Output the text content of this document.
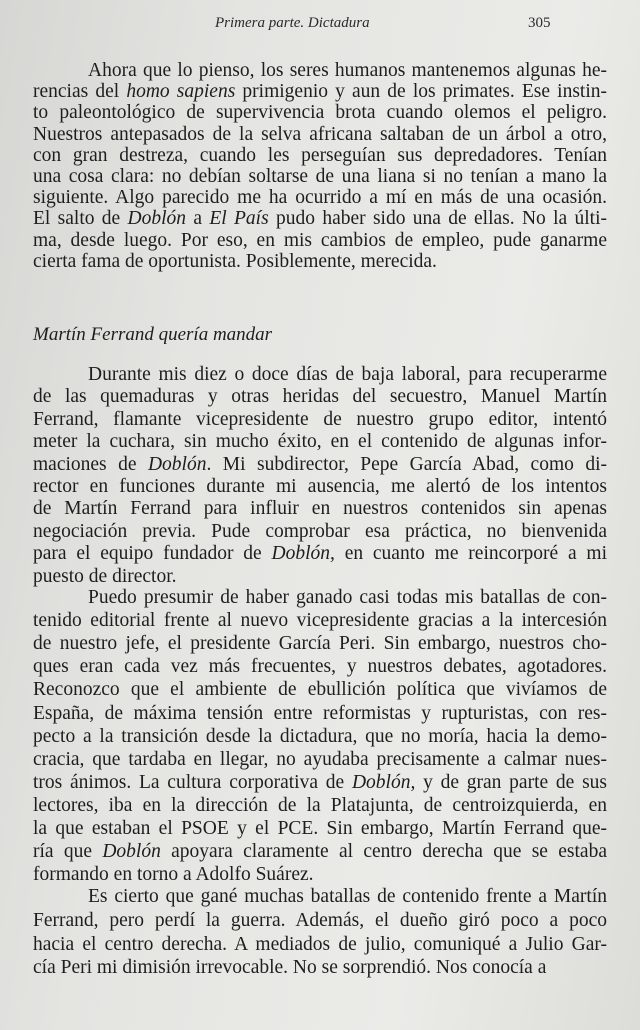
Primera parte. Dictadura	305
Ahora que lo pienso, los seres humanos mantenemos algunas he-
rencias del homo sapiens primigenio y aun de los primates. Ese instin-
to paleontológico de supervivencia brota cuando olemos el peligro.
Nuestros antepasados de la selva africana saltaban de un árbol a otro,
con gran destreza, cuando les perseguían sus depredadores. Tenían
una cosa clara: no debían soltarse de una liana si no tenían a mano la
siguiente. Algo parecido me ha ocurrido a mí en más de una ocasión.
El salto de Doblón a El País pudo haber sido una de ellas. No la últi-
ma, desde luego. Por eso, en mis cambios de empleo, pude ganarme
cierta fama de oportunista. Posiblemente, merecida.
Durante mis diez o doce días de baja laboral, para recuperarme
de las quemaduras y otras heridas del secuestro, Manuel Martín
Ferrand, flamante vicepresidente de nuestro grupo editor, intentó
meter la cuchara, sin mucho éxito, en el contenido de algunas infor-
maciones de Doblón. Mi subdirector, Pepe García Abad, como di-
rector en funciones durante mi ausencia, me alertó de los intentos
de Martín Ferrand para influir en nuestros contenidos sin apenas
negociación previa. Pude comprobar esa práctica, no bienvenida
para el equipo fundador de Doblón, en cuanto me reincorporé a mi
puesto de director.
Puedo presumir de haber ganado casi todas mis batallas de con-
tenido editorial frente al nuevo vicepresidente gracias a la intercesión
de nuestro jefe, el presidente García Peri. Sin embargo, nuestros cho-
ques eran cada vez más frecuentes, y nuestros debates, agotadores.
Reconozco que el ambiente de ebullición política que vivíamos de
España, de máxima tensión entre reformistas y rupturistas, con res-
pecto a la transición desde la dictadura, que no moría, hacia la demo-
cracia, que tardaba en llegar, no ayudaba precisamente a calmar nues-
tros ánimos. La cultura corporativa de Doblón, y de gran parte de sus
lectores, iba en la dirección de la Platajunta, de centroizquierda, en
la que estaban el PSOE y el PCE. Sin embargo, Martín Ferrand que-
ría que Doblón apoyara claramente al centro derecha que se estaba
formando en torno a Adolfo Suárez.
Es cierto que gané muchas batallas de contenido frente a Martín
Ferrand, pero perdí la guerra. Además, el dueño giró poco a poco
hacia el centro derecha. A mediados de julio, comuniqué a Julio Gar-
cía Peri mi dimisión irrevocable. No se sorprendió. Nos conocía a
Martín Ferrand quería mandar
